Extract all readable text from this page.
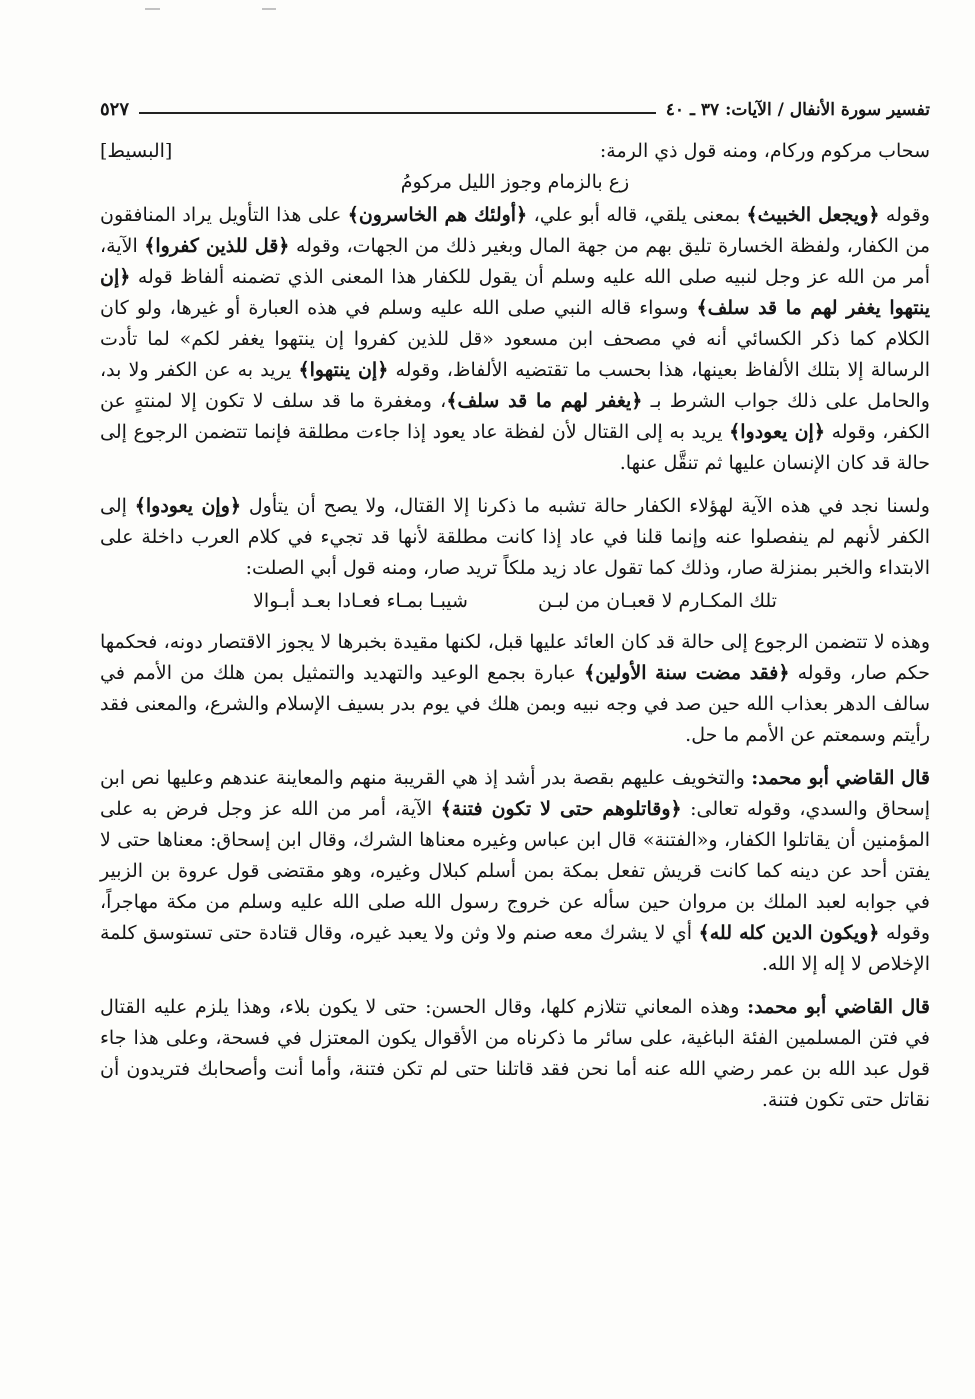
تفسير سورة الأنفال / الآيات: ٣٧ ـ ٤٠
٥٢٧
سحاب مركوم وركام، ومنه قول ذي الرمة:
[البسيط]
زع بالزمام وجوز الليل مركومُ

وقوله ﴿ويجعل الخبيث﴾ بمعنى يلقي، قاله أبو علي، ﴿أولئك هم الخاسرون﴾ على هذا التأويل يراد المنافقون من الكفار، ولفظة الخسارة تليق بهم من جهة المال وبغير ذلك من الجهات، وقوله ﴿قل للذين كفروا﴾ الآية، أمر من الله عز وجل لنبيه صلى الله عليه وسلم أن يقول للكفار هذا المعنى الذي تضمنه ألفاظ قوله ﴿إن ينتهوا يغفر لهم ما قد سلف﴾ وسواء قاله النبي صلى الله عليه وسلم في هذه العبارة أو غيرها، ولو كان الكلام كما ذكر الكسائي أنه في مصحف ابن مسعود «قل للذين كفروا إن ينتهوا يغفر لكم» لما تأدت الرسالة إلا بتلك الألفاظ بعينها، هذا بحسب ما تقتضيه الألفاظ، وقوله ﴿إن ينتهوا﴾ يريد به عن الكفر ولا بد، والحامل على ذلك جواب الشرط بـ ﴿يغفر لهم ما قد سلف﴾، ومغفرة ما قد سلف لا تكون إلا لمنتهٍ عن الكفر، وقوله ﴿إن يعودوا﴾ يريد به إلى القتال لأن لفظة عاد يعود إذا جاءت مطلقة فإنما تتضمن الرجوع إلى حالة قد كان الإنسان عليها ثم تنقَّل عنها.

ولسنا نجد في هذه الآية لهؤلاء الكفار حالة تشبه ما ذكرنا إلا القتال، ولا يصح أن يتأول ﴿وإن يعودوا﴾ إلى الكفر لأنهم لم ينفصلوا عنه وإنما قلنا في عاد إذا كانت مطلقة لأنها قد تجيء في كلام العرب داخلة على الابتداء والخبر بمنزلة صار، وذلك كما تقول عاد زيد ملكاً تريد صار، ومنه قول أبي الصلت:

تلك المكـارم لا قعبـان من لبـن
شيبـا بمـاء فعـادا بعـد أبـوالا

وهذه لا تتضمن الرجوع إلى حالة قد كان العائد عليها قبل، لكنها مقيدة بخبرها لا يجوز الاقتصار دونه، فحكمها حكم صار، وقوله ﴿فقد مضت سنة الأولين﴾ عبارة بجمع الوعيد والتهديد والتمثيل بمن هلك من الأمم في سالف الدهر بعذاب الله حين صد في وجه نبيه وبمن هلك في يوم بدر بسيف الإسلام والشرع، والمعنى فقد رأيتم وسمعتم عن الأمم ما حل.

قال القاضي أبو محمد: والتخويف عليهم بقصة بدر أشد إذ هي القريبة منهم والمعاينة عندهم وعليها نص ابن إسحاق والسدي، وقوله تعالى: ﴿وقاتلوهم حتى لا تكون فتنة﴾ الآية، أمر من الله عز وجل فرض به على المؤمنين أن يقاتلوا الكفار، و«الفتنة» قال ابن عباس وغيره معناها الشرك، وقال ابن إسحاق: معناها حتى لا يفتن أحد عن دينه كما كانت قريش تفعل بمكة بمن أسلم كبلال وغيره، وهو مقتضى قول عروة بن الزبير في جوابه لعبد الملك بن مروان حين سأله عن خروج رسول الله صلى الله عليه وسلم من مكة مهاجراً، وقوله ﴿ويكون الدين كله لله﴾ أي لا يشرك معه صنم ولا وثن ولا يعبد غيره، وقال قتادة حتى تستوسق كلمة الإخلاص لا إله إلا الله.

قال القاضي أبو محمد: وهذه المعاني تتلازم كلها، وقال الحسن: حتى لا يكون بلاء، وهذا يلزم عليه القتال في فتن المسلمين الفئة الباغية، على سائر ما ذكرناه من الأقوال يكون المعتزل في فسحة، وعلى هذا جاء قول عبد الله بن عمر رضي الله عنه أما نحن فقد قاتلنا حتى لم تكن فتنة، وأما أنت وأصحابك فتريدون أن نقاتل حتى تكون فتنة.
